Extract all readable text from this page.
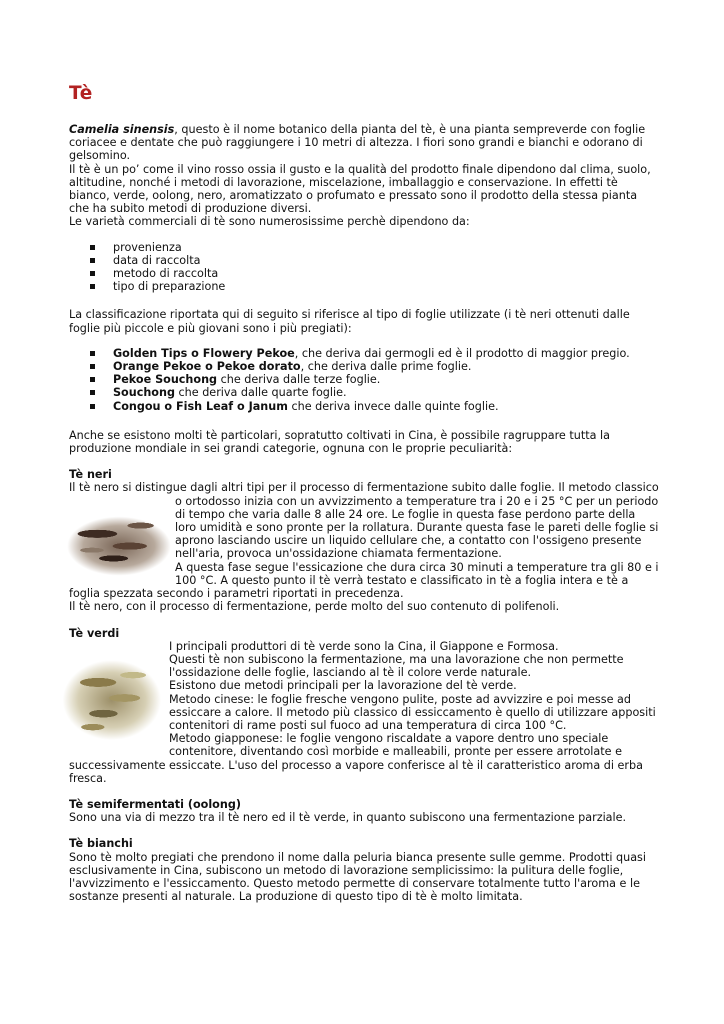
Tè

Camelia sinensis, questo è il nome botanico della pianta del tè, è una pianta sempreverde con foglie coriacee e dentate che può raggiungere i 10 metri di altezza. I fiori sono grandi e bianchi e odorano di gelsomino.

Il tè è un po’ come il vino rosso ossia il gusto e la qualità del prodotto finale dipendono dal clima, suolo, altitudine, nonché i metodi di lavorazione, miscelazione, imballaggio e conservazione. In effetti tè bianco, verde, oolong, nero, aromatizzato o profumato e pressato sono il prodotto della stessa pianta che ha subito metodi di produzione diversi.

Le varietà commerciali di tè sono numerosissime perchè dipendono da:

provenienza
data di raccolta
metodo di raccolta
tipo di preparazione

La classificazione riportata qui di seguito si riferisce al tipo di foglie utilizzate (i tè neri ottenuti dalle foglie più piccole e più giovani sono i più pregiati):

Golden Tips o Flowery Pekoe, che deriva dai germogli ed è il prodotto di maggior pregio.
Orange Pekoe o Pekoe dorato, che deriva dalle prime foglie.
Pekoe Souchong che deriva dalle terze foglie.
Souchong che deriva dalle quarte foglie.
Congou o Fish Leaf o Janum che deriva invece dalle quinte foglie.

Anche se esistono molti tè particolari, sopratutto coltivati in Cina, è possibile ragruppare tutta la produzione mondiale in sei grandi categorie, ognuna con le proprie peculiarità:

Tè neri

Il tè nero si distingue dagli altri tipi per il processo di fermentazione subito dalle foglie. Il metodo classico

o ortodosso inizia con un avvizzimento a temperature tra i 20 e i 25 °C per un periodo di tempo che varia dalle 8 alle 24 ore. Le foglie in questa fase perdono parte della loro umidità e sono pronte per la rollatura. Durante questa fase le pareti delle foglie si aprono lasciando uscire un liquido cellulare che, a contatto con l'ossigeno presente nell'aria, provoca un'ossidazione chiamata fermentazione.

A questa fase segue l'essicazione che dura circa 30 minuti a temperature tra gli 80 e i 100 °C. A questo punto il tè verrà testato e classificato in tè a foglia intera e tè a foglia spezzata secondo i parametri riportati in precedenza.

Il tè nero, con il processo di fermentazione, perde molto del suo contenuto di polifenoli.

Tè verdi

I principali produttori di tè verde sono la Cina, il Giappone e Formosa.

Questi tè non subiscono la fermentazione, ma una lavorazione che non permette l'ossidazione delle foglie, lasciando al tè il colore verde naturale.

Esistono due metodi principali per la lavorazione del tè verde.

Metodo cinese: le foglie fresche vengono pulite, poste ad avvizzire e poi messe ad essiccare a calore. Il metodo più classico di essiccamento è quello di utilizzare appositi contenitori di rame posti sul fuoco ad una temperatura di circa 100 °C.

Metodo giapponese: le foglie vengono riscaldate a vapore dentro uno speciale contenitore, diventando così morbide e malleabili, pronte per essere arrotolate e successivamente essiccate. L'uso del processo a vapore conferisce al tè il caratteristico aroma di erba fresca.

Tè semifermentati (oolong)

Sono una via di mezzo tra il tè nero ed il tè verde, in quanto subiscono una fermentazione parziale.

Tè bianchi

Sono tè molto pregiati che prendono il nome dalla peluria bianca presente sulle gemme. Prodotti quasi esclusivamente in Cina, subiscono un metodo di lavorazione semplicissimo: la pulitura delle foglie, l'avvizzimento e l'essiccamento. Questo metodo permette di conservare totalmente tutto l'aroma e le sostanze presenti al naturale. La produzione di questo tipo di tè è molto limitata.
